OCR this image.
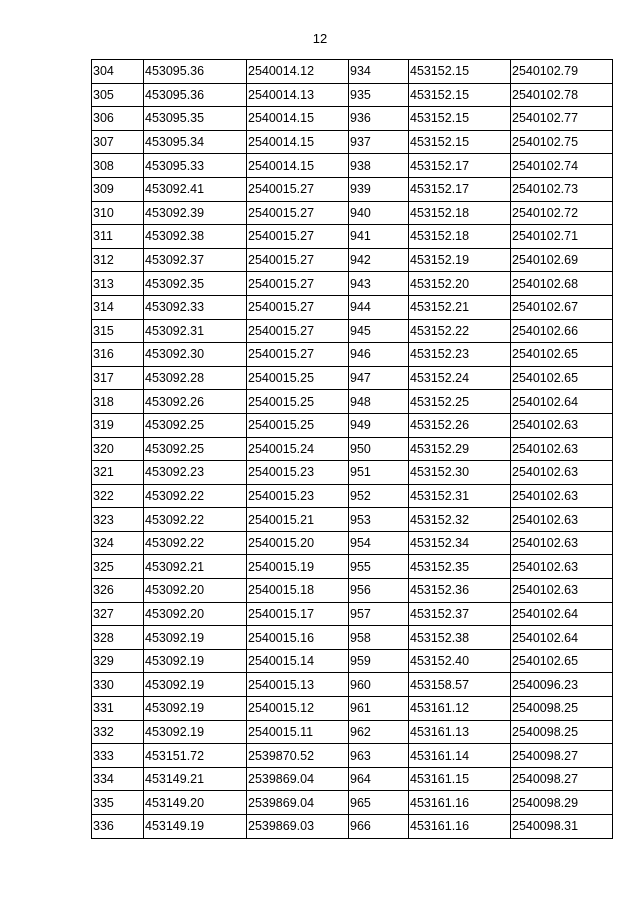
12
304	453095.36	2540014.12	934	453152.15	2540102.79
305	453095.36	2540014.13	935	453152.15	2540102.78
306	453095.35	2540014.15	936	453152.15	2540102.77
307	453095.34	2540014.15	937	453152.15	2540102.75
308	453095.33	2540014.15	938	453152.17	2540102.74
309	453092.41	2540015.27	939	453152.17	2540102.73
310	453092.39	2540015.27	940	453152.18	2540102.72
311	453092.38	2540015.27	941	453152.18	2540102.71
312	453092.37	2540015.27	942	453152.19	2540102.69
313	453092.35	2540015.27	943	453152.20	2540102.68
314	453092.33	2540015.27	944	453152.21	2540102.67
315	453092.31	2540015.27	945	453152.22	2540102.66
316	453092.30	2540015.27	946	453152.23	2540102.65
317	453092.28	2540015.25	947	453152.24	2540102.65
318	453092.26	2540015.25	948	453152.25	2540102.64
319	453092.25	2540015.25	949	453152.26	2540102.63
320	453092.25	2540015.24	950	453152.29	2540102.63
321	453092.23	2540015.23	951	453152.30	2540102.63
322	453092.22	2540015.23	952	453152.31	2540102.63
323	453092.22	2540015.21	953	453152.32	2540102.63
324	453092.22	2540015.20	954	453152.34	2540102.63
325	453092.21	2540015.19	955	453152.35	2540102.63
326	453092.20	2540015.18	956	453152.36	2540102.63
327	453092.20	2540015.17	957	453152.37	2540102.64
328	453092.19	2540015.16	958	453152.38	2540102.64
329	453092.19	2540015.14	959	453152.40	2540102.65
330	453092.19	2540015.13	960	453158.57	2540096.23
331	453092.19	2540015.12	961	453161.12	2540098.25
332	453092.19	2540015.11	962	453161.13	2540098.25
333	453151.72	2539870.52	963	453161.14	2540098.27
334	453149.21	2539869.04	964	453161.15	2540098.27
335	453149.20	2539869.04	965	453161.16	2540098.29
336	453149.19	2539869.03	966	453161.16	2540098.31
